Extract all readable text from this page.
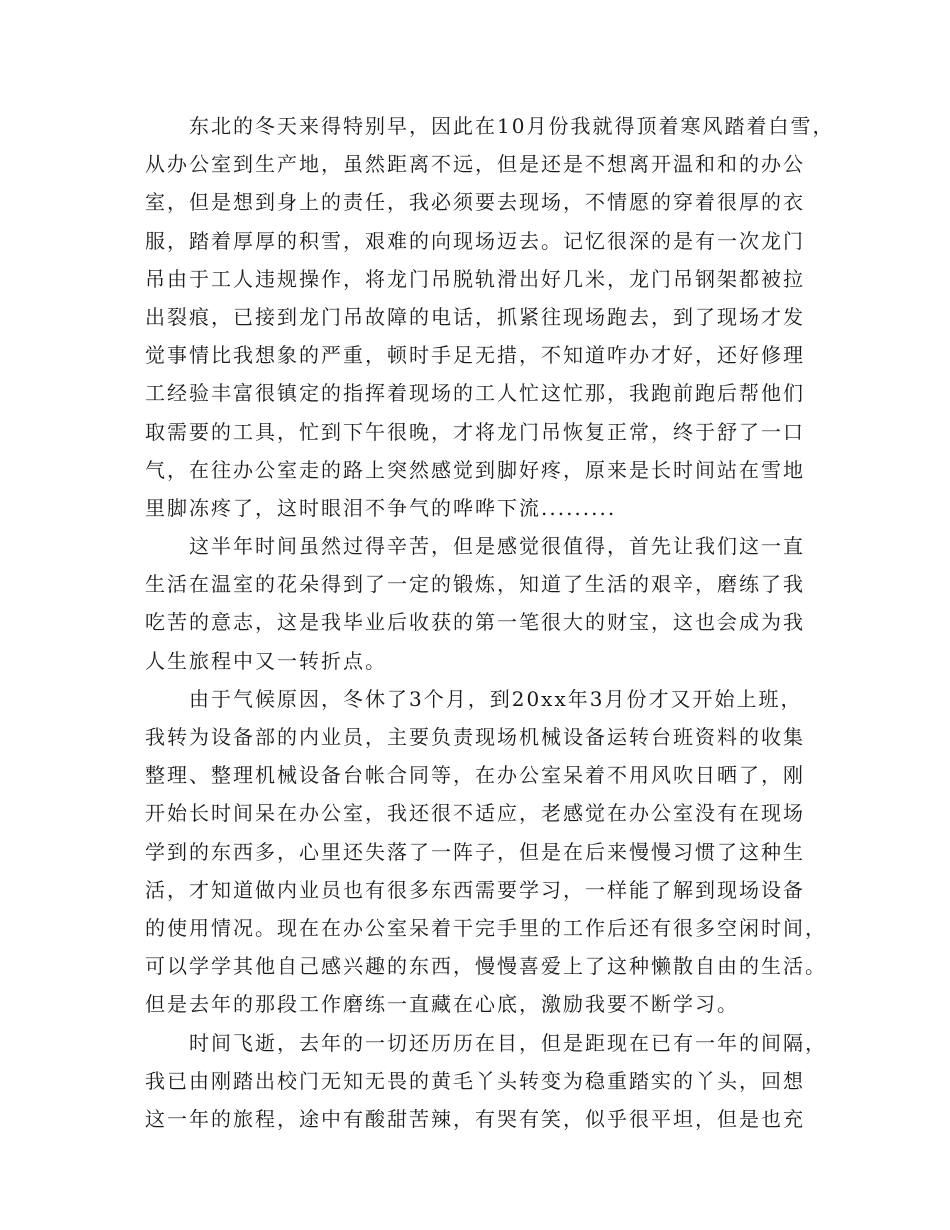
东北的冬天来得特别早，因此在10月份我就得顶着寒风踏着白雪，
从办公室到生产地，虽然距离不远，但是还是不想离开温和和的办公
室，但是想到身上的责任，我必须要去现场，不情愿的穿着很厚的衣
服，踏着厚厚的积雪，艰难的向现场迈去。记忆很深的是有一次龙门
吊由于工人违规操作，将龙门吊脱轨滑出好几米，龙门吊钢架都被拉
出裂痕，已接到龙门吊故障的电话，抓紧往现场跑去，到了现场才发
觉事情比我想象的严重，顿时手足无措，不知道咋办才好，还好修理
工经验丰富很镇定的指挥着现场的工人忙这忙那，我跑前跑后帮他们
取需要的工具，忙到下午很晚，才将龙门吊恢复正常，终于舒了一口
气，在往办公室走的路上突然感觉到脚好疼，原来是长时间站在雪地
里脚冻疼了，这时眼泪不争气的哗哗下流.........
这半年时间虽然过得辛苦，但是感觉很值得，首先让我们这一直
生活在温室的花朵得到了一定的锻炼，知道了生活的艰辛，磨练了我
吃苦的意志，这是我毕业后收获的第一笔很大的财宝，这也会成为我
人生旅程中又一转折点。
由于气候原因，冬休了3个月，到20xx年3月份才又开始上班，
我转为设备部的内业员，主要负责现场机械设备运转台班资料的收集
整理、整理机械设备台帐合同等，在办公室呆着不用风吹日晒了，刚
开始长时间呆在办公室，我还很不适应，老感觉在办公室没有在现场
学到的东西多，心里还失落了一阵子，但是在后来慢慢习惯了这种生
活，才知道做内业员也有很多东西需要学习，一样能了解到现场设备
的使用情况。现在在办公室呆着干完手里的工作后还有很多空闲时间，
可以学学其他自己感兴趣的东西，慢慢喜爱上了这种懒散自由的生活。
但是去年的那段工作磨练一直藏在心底，激励我要不断学习。
时间飞逝，去年的一切还历历在目，但是距现在已有一年的间隔，
我已由刚踏出校门无知无畏的黄毛丫头转变为稳重踏实的丫头，回想
这一年的旅程，途中有酸甜苦辣，有哭有笑，似乎很平坦，但是也充
